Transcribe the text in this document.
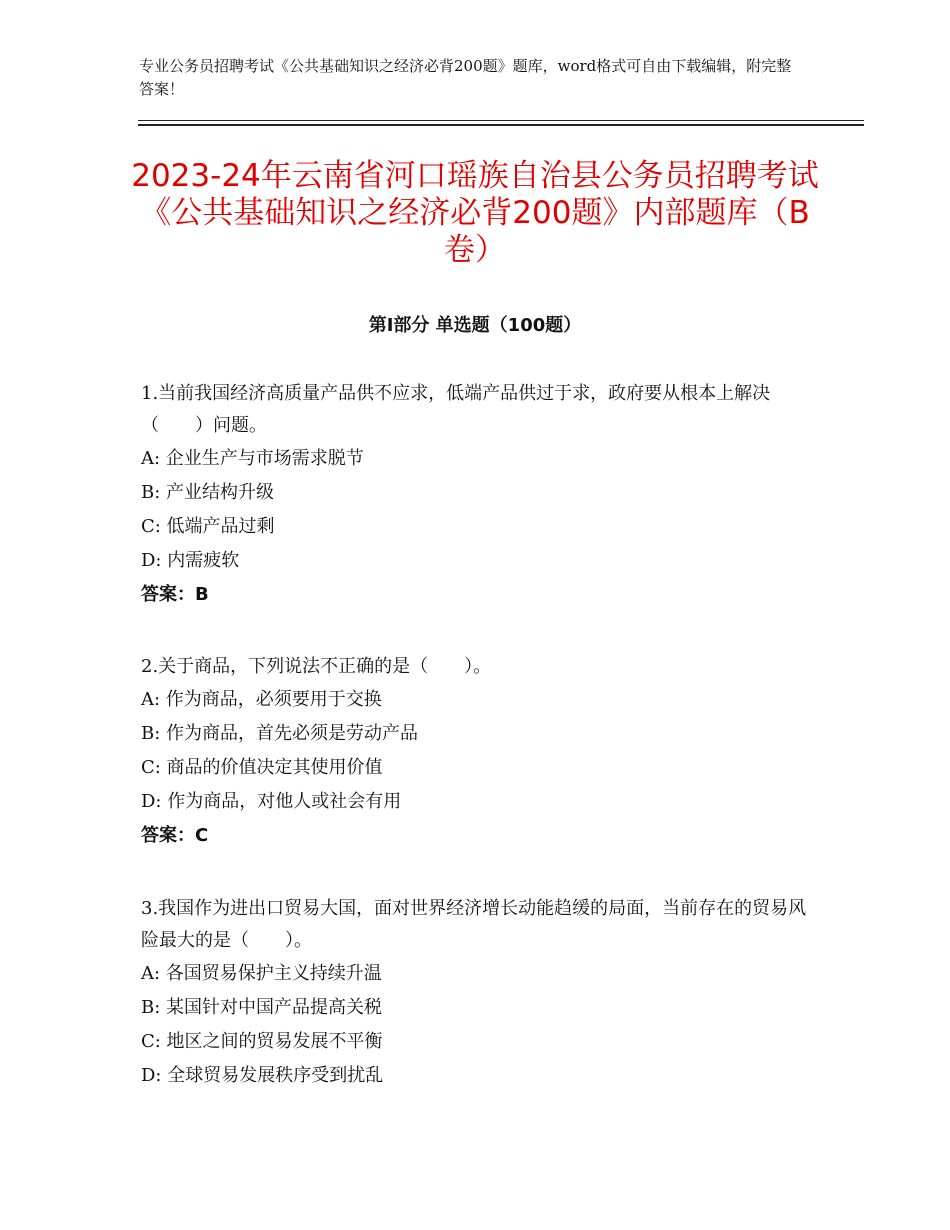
专业公务员招聘考试《公共基础知识之经济必背200题》题库，word格式可自由下载编辑，附完整答案！
2023-24年云南省河口瑶族自治县公务员招聘考试《公共基础知识之经济必背200题》内部题库（B卷）
第Ⅰ部分 单选题（100题）

1.当前我国经济高质量产品供不应求，低端产品供过于求，政府要从根本上解决（　　）问题。

A: 企业生产与市场需求脱节

B: 产业结构升级

C: 低端产品过剩

D: 内需疲软

答案：B

2.关于商品，下列说法不正确的是（　　）。

A: 作为商品，必须要用于交换

B: 作为商品，首先必须是劳动产品

C: 商品的价值决定其使用价值

D: 作为商品，对他人或社会有用

答案：C

3.我国作为进出口贸易大国，面对世界经济增长动能趋缓的局面，当前存在的贸易风险最大的是（　　）。

A: 各国贸易保护主义持续升温

B: 某国针对中国产品提高关税

C: 地区之间的贸易发展不平衡

D: 全球贸易发展秩序受到扰乱
